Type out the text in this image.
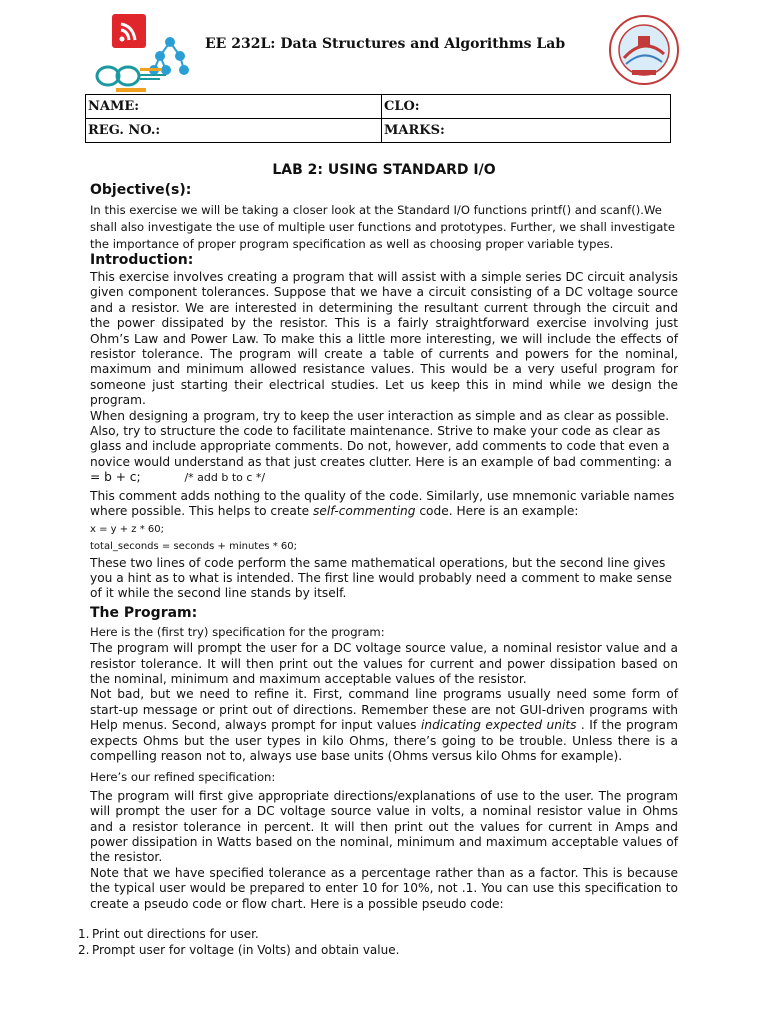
EE 232L: Data Structures and Algorithms Lab
NAME:	CLO:
REG. NO.:	MARKS:
LAB 2: USING STANDARD I/O
Objective(s):

In this exercise we will be taking a closer look at the Standard I/O functions printf() and scanf().We shall also investigate the use of multiple user functions and prototypes. Further, we shall investigate the importance of proper program specification as well as choosing proper variable types.

Introduction:

This exercise involves creating a program that will assist with a simple series DC circuit analysis given component tolerances. Suppose that we have a circuit consisting of a DC voltage source and a resistor. We are interested in determining the resultant current through the circuit and the power dissipated by the resistor. This is a fairly straightforward exercise involving just Ohm’s Law and Power Law. To make this a little more interesting, we will include the effects of resistor tolerance. The program will create a table of currents and powers for the nominal, maximum and minimum allowed resistance values. This would be a very useful program for someone just starting their electrical studies. Let us keep this in mind while we design the program.

When designing a program, try to keep the user interaction as simple and as clear as possible. Also, try to structure the code to facilitate maintenance. Strive to make your code as clear as glass and include appropriate comments. Do not, however, add comments to code that even a novice would understand as that just creates clutter. Here is an example of bad commenting: a = b + c;	/* add b to c */

This comment adds nothing to the quality of the code. Similarly, use mnemonic variable names where possible. This helps to create self-commenting code. Here is an example:

x = y + z * 60;
total_seconds = seconds + minutes * 60;

These two lines of code perform the same mathematical operations, but the second line gives you a hint as to what is intended. The first line would probably need a comment to make sense of it while the second line stands by itself.

The Program:

Here is the (first try) specification for the program:

The program will prompt the user for a DC voltage source value, a nominal resistor value and a resistor tolerance. It will then print out the values for current and power dissipation based on the nominal, minimum and maximum acceptable values of the resistor.

Not bad, but we need to refine it. First, command line programs usually need some form of start-up message or print out of directions. Remember these are not GUI-driven programs with Help menus. Second, always prompt for input values indicating expected units . If the program expects Ohms but the user types in kilo Ohms, there’s going to be trouble. Unless there is a compelling reason not to, always use base units (Ohms versus kilo Ohms for example).

Here’s our refined specification:

The program will first give appropriate directions/explanations of use to the user. The program will prompt the user for a DC voltage source value in volts, a nominal resistor value in Ohms and a resistor tolerance in percent. It will then print out the values for current in Amps and power dissipation in Watts based on the nominal, minimum and maximum acceptable values of the resistor.

Note that we have specified tolerance as a percentage rather than as a factor. This is because the typical user would be prepared to enter 10 for 10%, not .1. You can use this specification to create a pseudo code or flow chart. Here is a possible pseudo code:

1. Print out directions for user.
2. Prompt user for voltage (in Volts) and obtain value.
